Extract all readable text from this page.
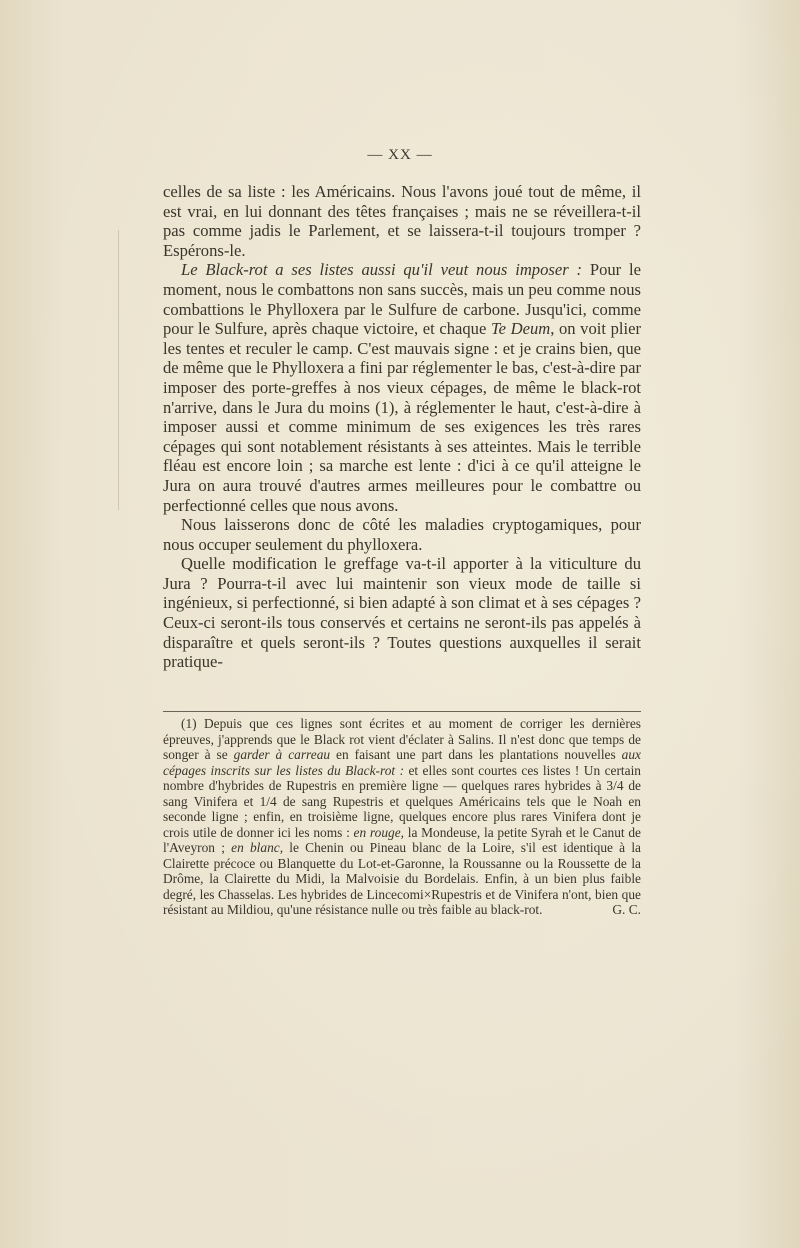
— XX —

celles de sa liste : les Américains. Nous l'avons joué tout de même, il est vrai, en lui donnant des têtes françaises ; mais ne se réveillera-t-il pas comme jadis le Parlement, et se laissera-t-il toujours tromper ? Espérons-le.

Le Black-rot a ses listes aussi qu'il veut nous imposer : Pour le moment, nous le combattons non sans succès, mais un peu comme nous combattions le Phylloxera par le Sulfure de carbone. Jusqu'ici, comme pour le Sulfure, après chaque victoire, et chaque Te Deum, on voit plier les tentes et reculer le camp. C'est mauvais signe : et je crains bien, que de même que le Phylloxera a fini par réglementer le bas, c'est-à-dire par imposer des porte-greffes à nos vieux cépages, de même le black-rot n'arrive, dans le Jura du moins (1), à réglementer le haut, c'est-à-dire à imposer aussi et comme minimum de ses exigences les très rares cépages qui sont notablement résistants à ses atteintes. Mais le terrible fléau est encore loin ; sa marche est lente : d'ici à ce qu'il atteigne le Jura on aura trouvé d'autres armes meilleures pour le combattre ou perfectionné celles que nous avons.

Nous laisserons donc de côté les maladies cryptogamiques, pour nous occuper seulement du phylloxera.

Quelle modification le greffage va-t-il apporter à la viticulture du Jura ? Pourra-t-il avec lui maintenir son vieux mode de taille si ingénieux, si perfectionné, si bien adapté à son climat et à ses cépages ? Ceux-ci seront-ils tous conservés et certains ne seront-ils pas appelés à disparaître et quels seront-ils ? Toutes questions auxquelles il serait pratique-

(1) Depuis que ces lignes sont écrites et au moment de corriger les dernières épreuves, j'apprends que le Black rot vient d'éclater à Salins. Il n'est donc que temps de songer à se garder à carreau en faisant une part dans les plantations nouvelles aux cépages inscrits sur les listes du Black-rot : et elles sont courtes ces listes ! Un certain nombre d'hybrides de Rupestris en première ligne — quelques rares hybrides à 3/4 de sang Vinifera et 1/4 de sang Rupestris et quelques Américains tels que le Noah en seconde ligne ; enfin, en troisième ligne, quelques encore plus rares Vinifera dont je crois utile de donner ici les noms : en rouge, la Mondeuse, la petite Syrah et le Canut de l'Aveyron ; en blanc, le Chenin ou Pineau blanc de la Loire, s'il est identique à la Clairette précoce ou Blanquette du Lot-et-Garonne, la Roussanne ou la Roussette de la Drôme, la Clairette du Midi, la Malvoisie du Bordelais. Enfin, à un bien plus faible degré, les Chasselas. Les hybrides de Lincecomi×Rupestris et de Vinifera n'ont, bien que résistant au Mildiou, qu'une résistance nulle ou très faible au black-rot.	G. C.
